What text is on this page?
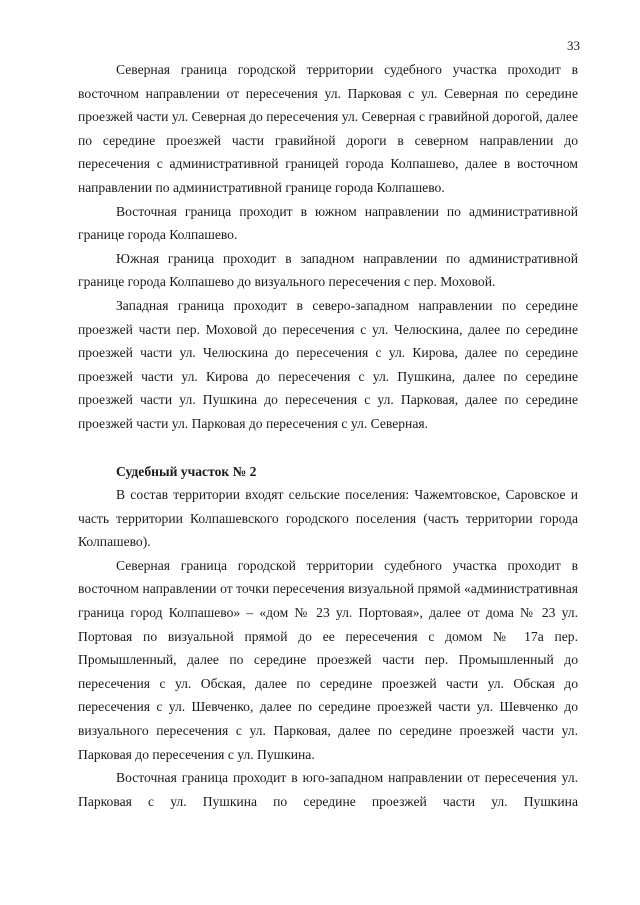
33

Северная граница городской территории судебного участка проходит в восточном направлении от пересечения ул. Парковая с ул. Северная по середине проезжей части ул. Северная до пересечения ул. Северная с гравийной дорогой, далее по середине проезжей части гравийной дороги в северном направлении до пересечения с административной границей города Колпашево, далее в восточном направлении по административной границе города Колпашево.

Восточная граница проходит в южном направлении по административной границе города Колпашево.

Южная граница проходит в западном направлении по административной границе города Колпашево до визуального пересечения с пер. Моховой.

Западная граница проходит в северо-западном направлении по середине проезжей части пер. Моховой до пересечения с ул. Челюскина, далее по середине проезжей части ул. Челюскина до пересечения с ул. Кирова, далее по середине проезжей части ул. Кирова до пересечения с ул. Пушкина, далее по середине проезжей части ул. Пушкина до пересечения с ул. Парковая, далее по середине проезжей части ул. Парковая до пересечения с ул. Северная.

Судебный участок № 2

В состав территории входят сельские поселения: Чажемтовское, Саровское и часть территории Колпашевского городского поселения (часть территории города Колпашево).

Северная граница городской территории судебного участка проходит в восточном направлении от точки пересечения визуальной прямой «административная граница город Колпашево» – «дом № 23 ул. Портовая», далее от дома № 23 ул. Портовая по визуальной прямой до ее пересечения с домом № 17а пер. Промышленный, далее по середине проезжей части пер. Промышленный до пересечения с ул. Обская, далее по середине проезжей части ул. Обская до пересечения с ул. Шевченко, далее по середине проезжей части ул. Шевченко до визуального пересечения с ул. Парковая, далее по середине проезжей части ул. Парковая до пересечения с ул. Пушкина.

Восточная граница проходит в юго-западном направлении от пересечения ул. Парковая с ул. Пушкина по середине проезжей части ул. Пушкина
